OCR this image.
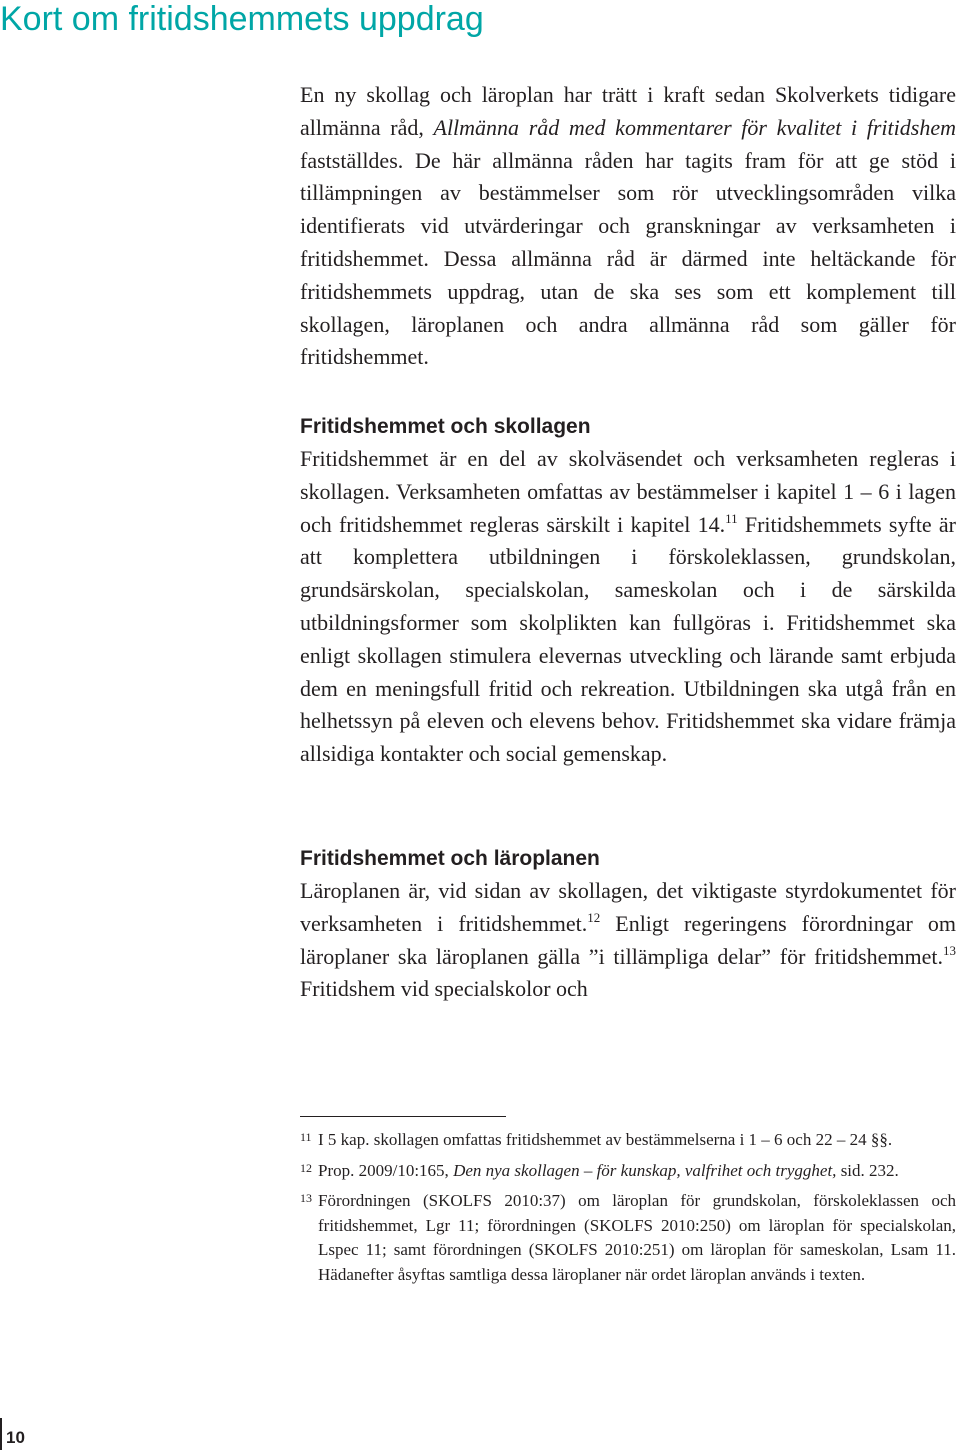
Kort om fritidshemmets uppdrag

En ny skollag och läroplan har trätt i kraft sedan Skolverkets tidigare allmänna råd, Allmänna råd med kommentarer för kvalitet i fritidshem fastställdes. De här allmänna råden har tagits fram för att ge stöd i tillämpningen av bestämmelser som rör utvecklingsområden vilka identifierats vid utvärderingar och granskningar av verksamheten i fritidshemmet. Dessa allmänna råd är därmed inte heltäckande för fritidshemmets uppdrag, utan de ska ses som ett komplement till skollagen, läroplanen och andra allmänna råd som gäller för fritidshemmet.

Fritidshemmet och skollagen

Fritidshemmet är en del av skolväsendet och verksamheten regleras i skollagen. Verksamheten omfattas av bestämmelser i kapitel 1 – 6 i lagen och fritidshemmet regleras särskilt i kapitel 14.11 Fritidshemmets syfte är att komplettera utbildningen i förskoleklassen, grundskolan, grundsärskolan, specialskolan, sameskolan och i de särskilda utbildningsformer som skolplikten kan fullgöras i. Fritidshemmet ska enligt skollagen stimulera elevernas utveckling och lärande samt erbjuda dem en meningsfull fritid och rekreation. Utbildningen ska utgå från en helhetssyn på eleven och elevens behov. Fritidshemmet ska vidare främja allsidiga kontakter och social gemenskap.

Fritidshemmet och läroplanen

Läroplanen är, vid sidan av skollagen, det viktigaste styrdokumentet för verksamheten i fritidshemmet.$^{12}$ Enligt regeringens förordningar om läroplaner ska läroplanen gälla ”i tillämpliga delar” för fritidshemmet.$^{13}$ Fritidshem vid specialskolor och

11 I 5 kap. skollagen omfattas fritidshemmet av bestämmelserna i 1 – 6 och 22 – 24 §§.
12 Prop. 2009/10:165, Den nya skollagen – för kunskap, valfrihet och trygghet, sid. 232.
13 Förordningen (SKOLFS 2010:37) om läroplan för grundskolan, förskoleklassen och fritidshemmet, Lgr 11; förordningen (SKOLFS 2010:250) om läroplan för specialskolan, Lspec 11; samt förordningen (SKOLFS 2010:251) om läroplan för sameskolan, Lsam 11. Hädanefter åsyftas samtliga dessa läroplaner när ordet läroplan används i texten.
10
